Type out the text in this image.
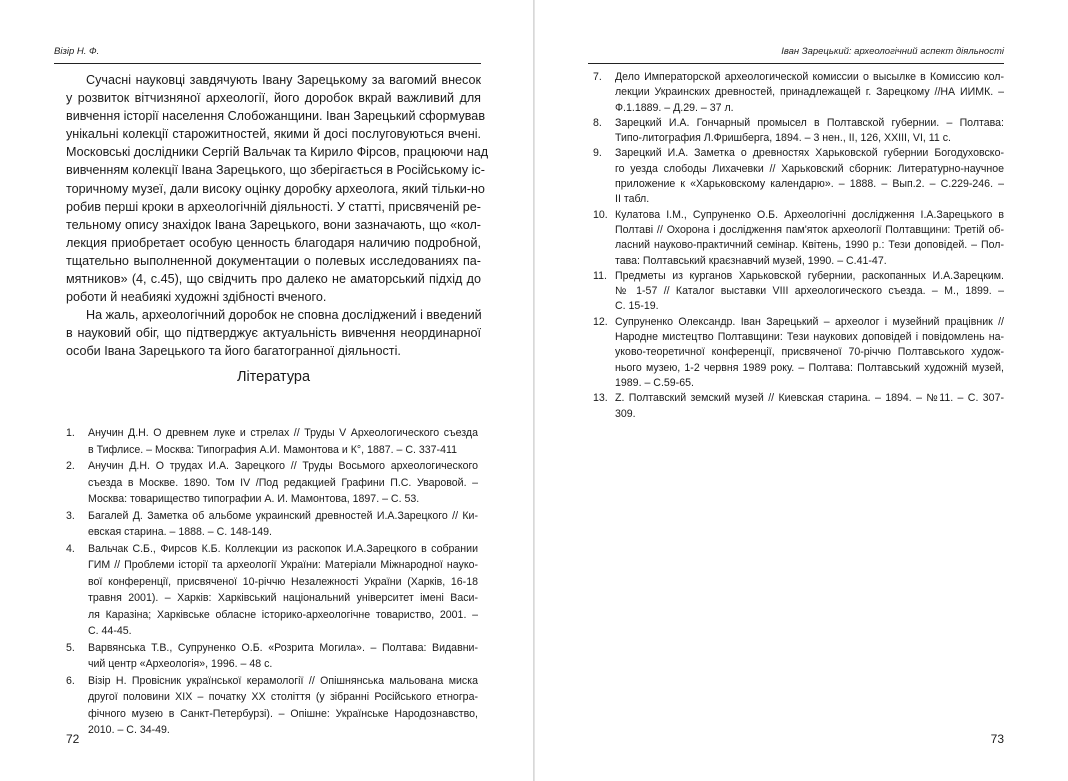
Візір Н. Ф.
Сучасні науковці завдячують Івану Зарецькому за вагомий внесок
у розвиток вітчизняної археології, його доробок вкрай важливий для
вивчення історії населення Слобожанщини. Іван Зарецький сформував
унікальні колекції старожитностей, якими й досі послуговуються вчені.
Московські дослідники Сергій Вальчак та Кирило Фірсов, працюючи над
вивченням колекції Івана Зарецького, що зберігається в Російському іс-
торичному музеї, дали високу оцінку доробку археолога, який тільки-но
робив перші кроки в археологічній діяльності. У статті, присвяченій ре-
тельному опису знахідок Івана Зарецького, вони зазначають, що «кол-
лекция приобретает особую ценность благодаря наличию подробной,
тщательно выполненной документации о полевых исследованиях па-
мятников» (4, с.45), що свідчить про далеко не аматорський підхід до
роботи й неабиякі художні здібності вченого.
На жаль, археологічний доробок не сповна досліджений і введений
в науковий обіг, що підтверджує актуальність вивчення неординарної
особи Івана Зарецького та його багатогранної діяльності.
Література
1. Анучин Д.Н. О древнем луке и стрелах // Труды V Археологического съезда
в Тифлисе. – Москва: Типография А.И. Мамонтова и К°, 1887. – С. 337-411
2. Анучин Д.Н. О трудах И.А. Зарецкого // Труды Восьмого археологического
съезда в Москве. 1890. Том IV /Под редакцией Графини П.С. Уваровой. –
Москва: товарищество типографии А. И. Мамонтова, 1897. – С. 53.
3. Багалей Д. Заметка об альбоме украинский древностей И.А.Зарецкого // Ки-
евская старина. – 1888. – С. 148-149.
4. Вальчак С.Б., Фирсов К.Б. Коллекции из раскопок И.А.Зарецкого в собрании
ГИМ // Проблеми історії та археології України: Матеріали Міжнародної науко-
вої конференції, присвяченої 10-річчю Незалежності України (Харків, 16-18
травня 2001). – Харків: Харківський національний університет імені Васи-
ля Каразіна; Харківське обласне історико-археологічне товариство, 2001. –
С. 44-45.
5. Варвянська Т.В., Супруненко О.Б. «Розрита Могила». – Полтава: Видавни-
чий центр «Археологія», 1996. – 48 с.
6. Візір Н. Провісник української керамології // Опішнянська мальована миска
другої половини XIX – початку XX століття (у зібранні Російського етногра-
фічного музею в Санкт-Петербурзі). – Опішне: Українське Народознавство,
2010. – С. 34-49.
72
Іван Зарецький: археологічний аспект діяльності
7. Дело Императорской археологической комиссии о высылке в Комиссию кол-
лекции Украинских древностей, принадлежащей г. Зарецкому //НА ИИМК. –
Ф.1.1889. – Д.29. – 37 л.
8. Зарецкий И.А. Гончарный промысел в Полтавской губернии. – Полтава:
Типо-литография Л.Фришберга, 1894. – 3 нен., II, 126, XXIII, VI, 11 с.
9. Зарецкий И.А. Заметка о древностях Харьковской губернии Богодуховско-
го уезда слободы Лихачевки // Харьковский сборник: Литературно-научное
приложение к «Харьковскому календарю». – 1888. – Вып.2. – С.229-246. –
II табл.
10. Кулатова І.М., Супруненко О.Б. Археологічні дослідження І.А.Зарецького в
Полтаві // Охорона і дослідження пам'яток археології Полтавщини: Третій об-
ласний науково-практичний семінар. Квітень, 1990 р.: Тези доповідей. – Пол-
тава: Полтавський краєзнавчий музей, 1990. – С.41-47.
11. Предметы из курганов Харьковской губернии, раскопанных И.А.Зарецким.
№ 1-57 // Каталог выставки VIII археологического съезда. – М., 1899. –
С. 15-19.
12. Супруненко Олександр. Іван Зарецький – археолог і музейний працівник //
Народне мистецтво Полтавщини: Тези наукових доповідей і повідомлень на-
уково-теоретичної конференції, присвяченої 70-річчю Полтавського худож-
нього музею, 1-2 червня 1989 року. – Полтава: Полтавський художній музей,
1989. – С.59-65.
13. Z. Полтавский земский музей // Киевская старина. – 1894. – №11. – С. 307-
309.
73
